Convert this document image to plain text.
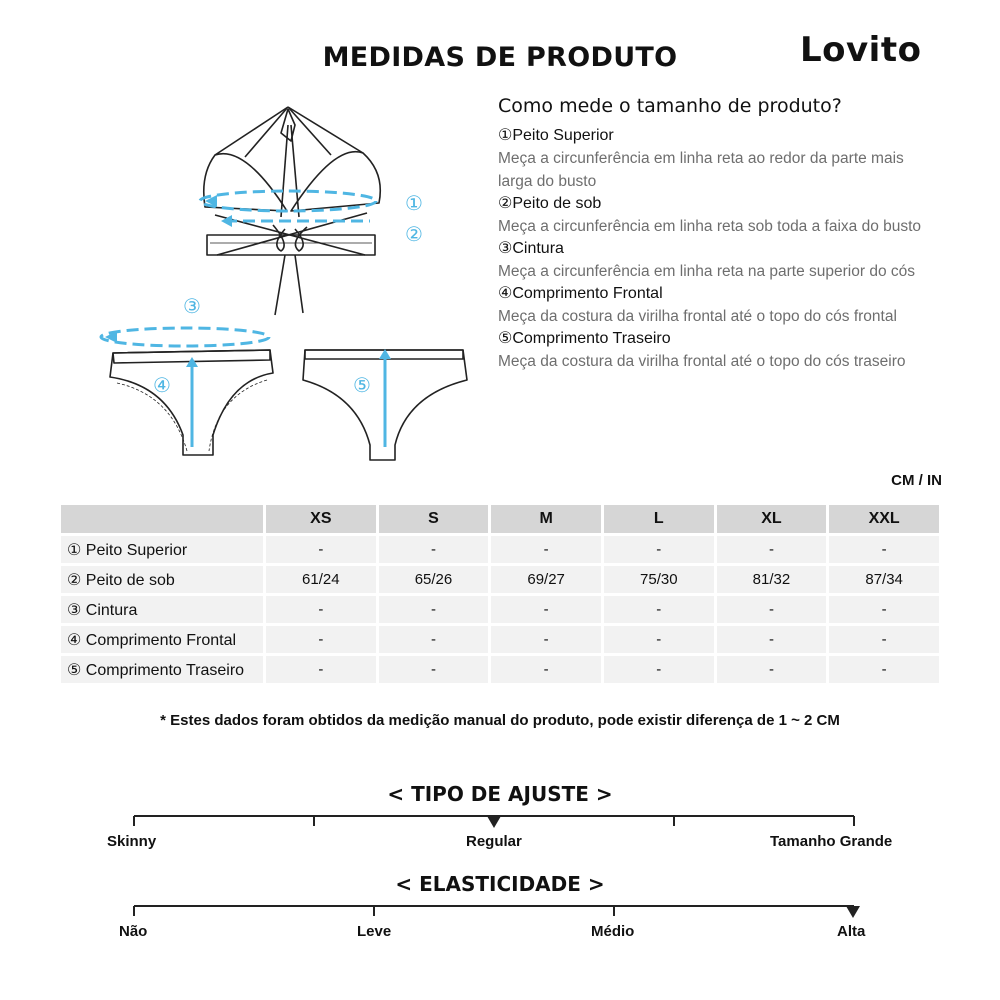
MEDIDAS DE PRODUTO	Lovito
①
②
③
④	⑤
Como mede o tamanho de produto?
①Peito Superior
Meça a circunferência em linha reta ao redor da parte mais larga do busto
②Peito de sob
Meça a circunferência em linha reta sob toda a faixa do busto
③Cintura
Meça a circunferência em linha reta na parte superior do cós
④Comprimento Frontal
Meça da costura da virilha frontal até o topo do cós frontal
⑤Comprimento Traseiro
Meça da costura da virilha frontal até o topo do cós traseiro
CM / IN
	XS	S	M	L	XL	XXL
① Peito Superior	-	-	-	-	-	-
② Peito de sob	61/24	65/26	69/27	75/30	81/32	87/34
③ Cintura	-	-	-	-	-	-
④ Comprimento Frontal	-	-	-	-	-	-
⑤ Comprimento Traseiro	-	-	-	-	-	-
* Estes dados foram obtidos da medição manual do produto, pode existir diferença de 1 ~ 2 CM
< TIPO DE AJUSTE >
Skinny	Regular	Tamanho Grande
< ELASTICIDADE >
Não	Leve	Médio	Alta
